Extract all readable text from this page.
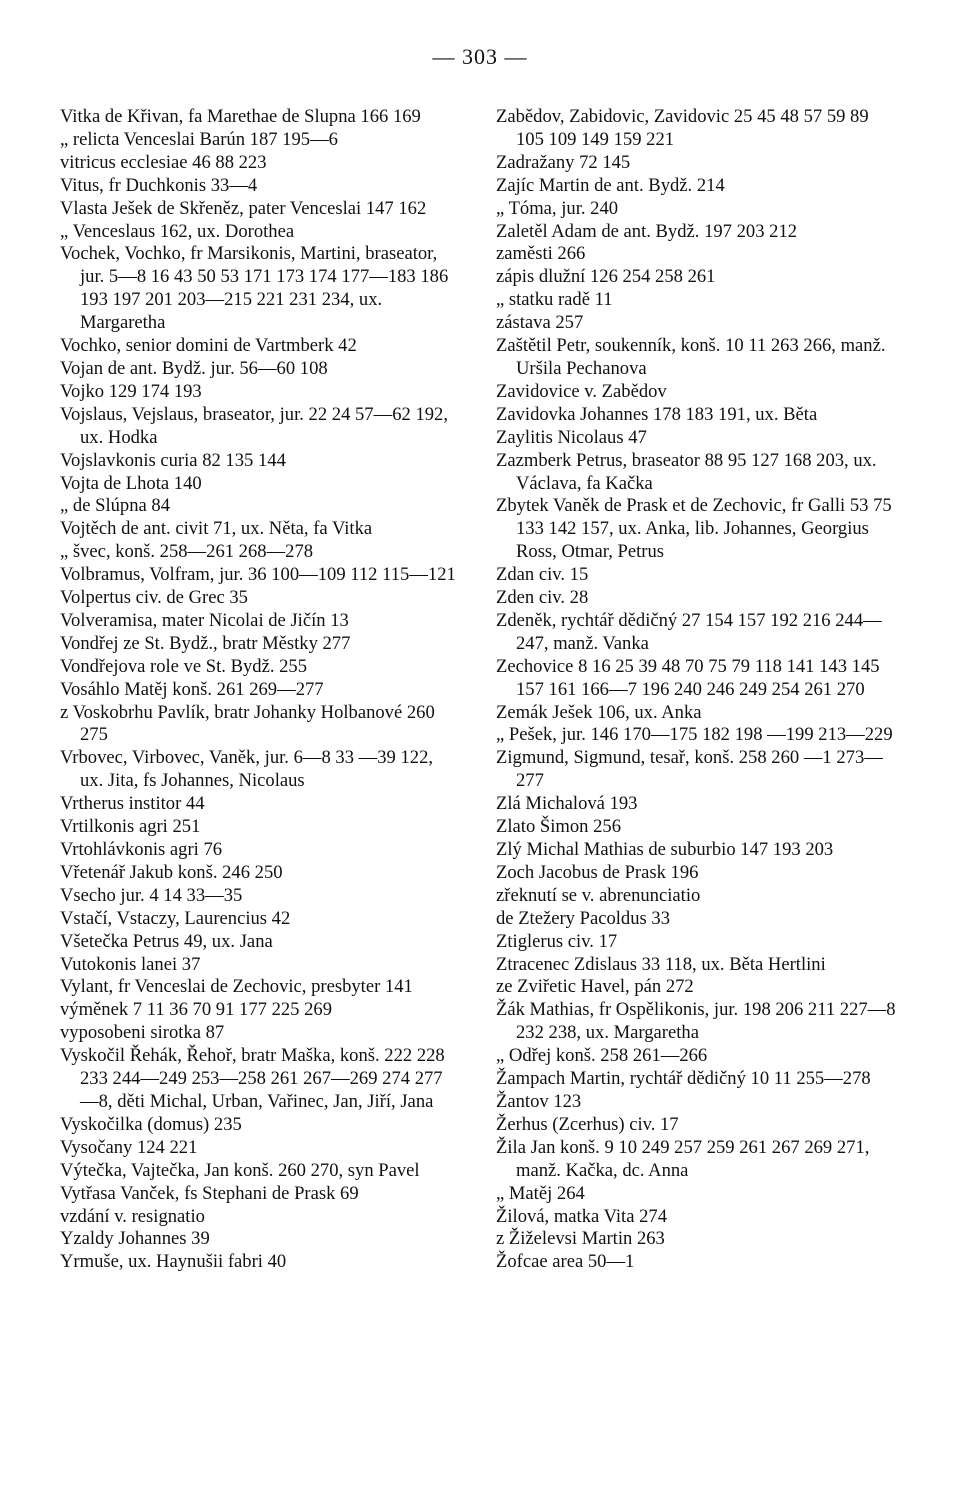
— 303 —

Vitka de Křivan, fa Marethae de Slupna 166 169

„ relicta Venceslai Barún 187 195—6

vitricus ecclesiae 46 88 223

Vitus, fr Duchkonis 33—4

Vlasta Ješek de Skřeněz, pater Venceslai 147 162

„ Venceslaus 162, ux. Dorothea

Vochek, Vochko, fr Marsikonis, Martini, braseator, jur. 5—8 16 43 50 53 171 173 174 177—183 186 193 197 201 203—215 221 231 234, ux. Margaretha

Vochko, senior domini de Vartmberk 42

Vojan de ant. Bydž. jur. 56—60 108

Vojko 129 174 193

Vojslaus, Vejslaus, braseator, jur. 22 24 57—62 192, ux. Hodka

Vojslavkonis curia 82 135 144

Vojta de Lhota 140

„ de Slúpna 84

Vojtěch de ant. civit 71, ux. Něta, fa Vitka

„ švec, konš. 258—261 268—278

Volbramus, Volfram, jur. 36 100—109 112 115—121

Volpertus civ. de Grec 35

Volveramisa, mater Nicolai de Jičín 13

Vondřej ze St. Bydž., bratr Městky 277

Vondřejova role ve St. Bydž. 255

Vosáhlo Matěj konš. 261 269—277

z Voskobrhu Pavlík, bratr Johanky Holbanové 260 275

Vrbovec, Virbovec, Vaněk, jur. 6—8 33 —39 122, ux. Jita, fs Johannes, Nicolaus

Vrtherus institor 44

Vrtilkonis agri 251

Vrtohlávkonis agri 76

Vřetenář Jakub konš. 246 250

Vsecho jur. 4 14 33—35

Vstačí, Vstaczy, Laurencius 42

Všetečka Petrus 49, ux. Jana

Vutokonis lanei 37

Vylant, fr Venceslai de Zechovic, presbyter 141

výměnek 7 11 36 70 91 177 225 269

vyposobeni sirotka 87

Vyskočil Řehák, Řehoř, bratr Maška, konš. 222 228 233 244—249 253—258 261 267—269 274 277—8, děti Michal, Urban, Vařinec, Jan, Jiří, Jana

Vyskočilka (domus) 235

Vysočany 124 221

Výtečka, Vajtečka, Jan konš. 260 270, syn Pavel

Vytřasa Vanček, fs Stephani de Prask 69

vzdání v. resignatio

Yzaldy Johannes 39

Yrmuše, ux. Haynušii fabri 40

Zabědov, Zabidovic, Zavidovic 25 45 48 57 59 89 105 109 149 159 221

Zadražany 72 145

Zajíc Martin de ant. Bydž. 214

„ Tóma, jur. 240

Zaletěl Adam de ant. Bydž. 197 203 212

zaměsti 266

zápis dlužní 126 254 258 261

„ statku radě 11

zástava 257

Zaštětil Petr, soukenník, konš. 10 11 263 266, manž. Uršila Pechanova

Zavidovice v. Zabědov

Zavidovka Johannes 178 183 191, ux. Běta

Zaylitis Nicolaus 47

Zazmberk Petrus, braseator 88 95 127 168 203, ux. Václava, fa Kačka

Zbytek Vaněk de Prask et de Zechovic, fr Galli 53 75 133 142 157, ux. Anka, lib. Johannes, Georgius Ross, Otmar, Petrus

Zdan civ. 15

Zden civ. 28

Zdeněk, rychtář dědičný 27 154 157 192 216 244—247, manž. Vanka

Zechovice 8 16 25 39 48 70 75 79 118 141 143 145 157 161 166—7 196 240 246 249 254 261 270

Zemák Ješek 106, ux. Anka

„ Pešek, jur. 146 170—175 182 198 —199 213—229

Zigmund, Sigmund, tesař, konš. 258 260 —1 273—277

Zlá Michalová 193

Zlato Šimon 256

Zlý Michal Mathias de suburbio 147 193 203

Zoch Jacobus de Prask 196

zřeknutí se v. abrenunciatio

de Ztežery Pacoldus 33

Ztiglerus civ. 17

Ztracenec Zdislaus 33 118, ux. Běta Hertlini

ze Zviřetic Havel, pán 272

Žák Mathias, fr Ospělikonis, jur. 198 206 211 227—8 232 238, ux. Margaretha

„ Odřej konš. 258 261—266

Žampach Martin, rychtář dědičný 10 11 255—278

Žantov 123

Žerhus (Zcerhus) civ. 17

Žila Jan konš. 9 10 249 257 259 261 267 269 271, manž. Kačka, dc. Anna

„ Matěj 264

Žilová, matka Vita 274

z Žiželevsi Martin 263

Žofcae area 50—1
